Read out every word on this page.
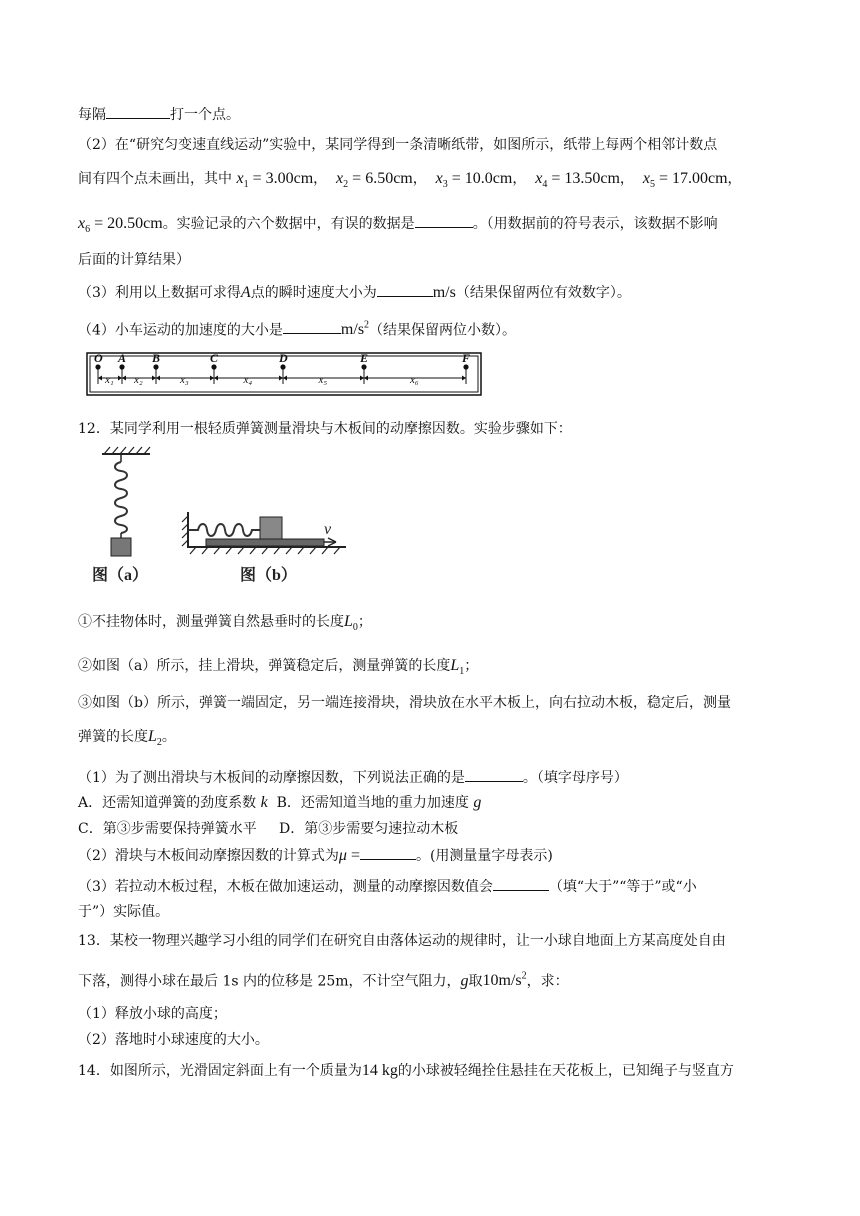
每隔	打一个点。
（2）在“研究匀变速直线运动”实验中，某同学得到一条清晰纸带，如图所示，纸带上每两个相邻计数点
间有四个点未画出，其中 $x_1 = 3.00cm$，  $x_2 = 6.50cm$，  $x_3 = 10.0cm$，  $x_4 = 13.50cm$，  $x_5 = 17.00cm$，
$x_6 = 20.50cm$。实验记录的六个数据中，有误的数据是	。（用数据前的符号表示，该数据不影响
后面的计算结果）
（3）利用以上数据可求得A点的瞬时速度大小为	m/s（结果保留两位有效数字）。
（4）小车运动的加速度的大小是	$m/s^2$（结果保留两位小数）。
O A B	C	D	E	F
x₁ x₂	x₃	x₄	x₅	x₆
12．某同学利用一根轻质弹簧测量滑块与木板间的动摩擦因数。实验步骤如下：
图（a）
v
图（b）
①不挂物体时，测量弹簧自然悬垂时的长度$L_0$；
②如图（a）所示，挂上滑块，弹簧稳定后，测量弹簧的长度$L_1$；
③如图（b）所示，弹簧一端固定，另一端连接滑块，滑块放在水平木板上，向右拉动木板，稳定后，测量
弹簧的长度$L_2$。
（1）为了测出滑块与木板间的动摩擦因数，下列说法正确的是	。（填字母序号）
A．还需知道弹簧的劲度系数 k B．还需知道当地的重力加速度 g
C．第③步需要保持弹簧水平 D．第③步需要匀速拉动木板
（2）滑块与木板间动摩擦因数的计算式为μ =	。(用测量量字母表示)
（3）若拉动木板过程，木板在做加速运动，测量的动摩擦因数值会	（填“大于”“等于”或“小
于”）实际值。
13．某校一物理兴趣学习小组的同学们在研究自由落体运动的规律时，让一小球自地面上方某高度处自由
下落，测得小球在最后 1s 内的位移是 25m，不计空气阻力，g取$10m/s^2$，求：
（1）释放小球的高度；
（2）落地时小球速度的大小。
14．如图所示，光滑固定斜面上有一个质量为14 kg的小球被轻绳拴住悬挂在天花板上，已知绳子与竖直方
